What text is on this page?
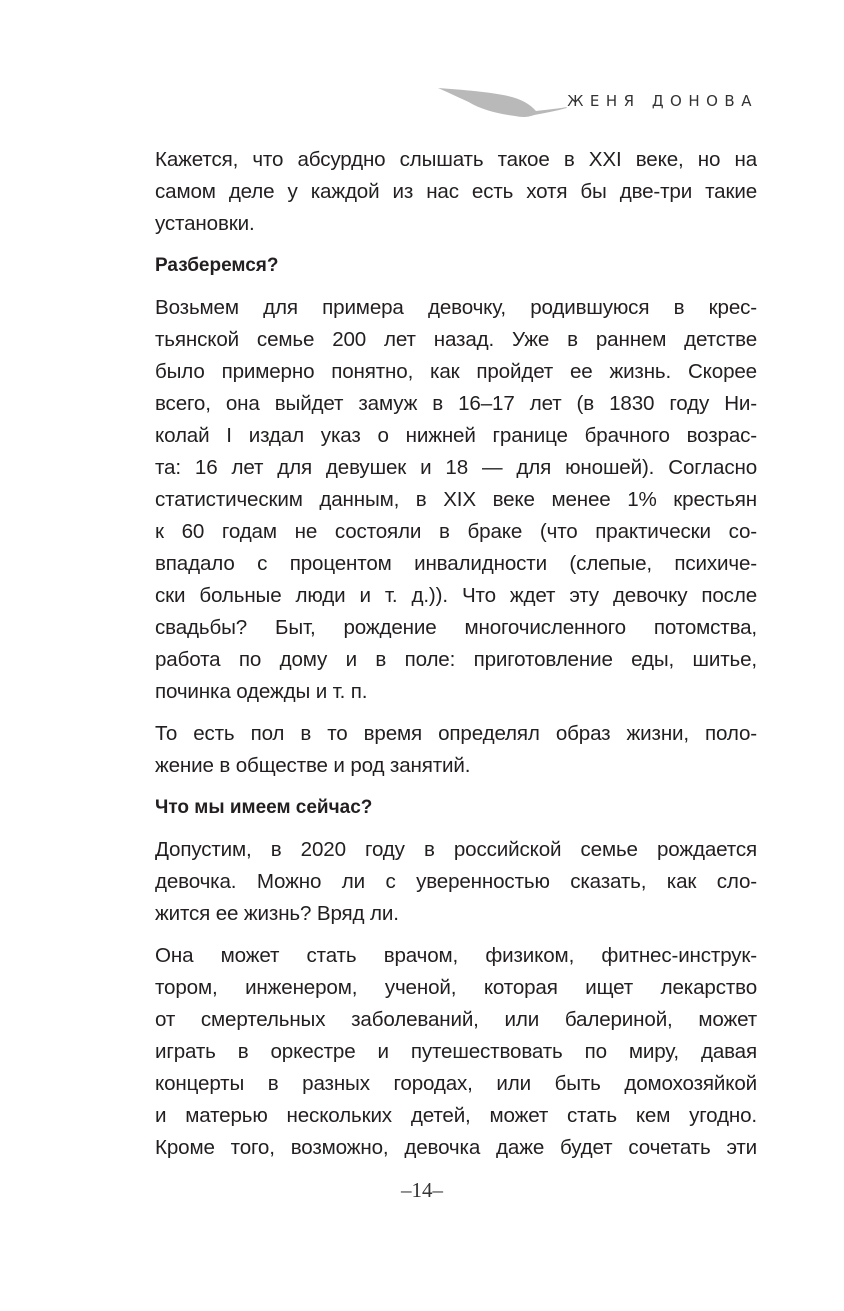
ЖЕНЯ ДОНОВА
Кажется, что абсурдно слышать такое в XXI веке, но на
самом деле у каждой из нас есть хотя бы две-три такие
установки.
Разберемся?
Возьмем для примера девочку, родившуюся в крес-
тьянской семье 200 лет назад. Уже в раннем детстве
было примерно понятно, как пройдет ее жизнь. Скорее
всего, она выйдет замуж в 16–17 лет (в 1830 году Ни-
колай I издал указ о нижней границе брачного возрас-
та: 16 лет для девушек и 18 — для юношей). Согласно
статистическим данным, в XIX веке менее 1% крестьян
к 60 годам не состояли в браке (что практически со-
впадало с процентом инвалидности (слепые, психиче-
ски больные люди и т. д.)). Что ждет эту девочку после
свадьбы? Быт, рождение многочисленного потомства,
работа по дому и в поле: приготовление еды, шитье,
починка одежды и т. п.
То есть пол в то время определял образ жизни, поло-
жение в обществе и род занятий.
Что мы имеем сейчас?
Допустим, в 2020 году в российской семье рождается
девочка. Можно ли с уверенностью сказать, как сло-
жится ее жизнь? Вряд ли.
Она может стать врачом, физиком, фитнес-инструк-
тором, инженером, ученой, которая ищет лекарство
от смертельных заболеваний, или балериной, может
играть в оркестре и путешествовать по миру, давая
концерты в разных городах, или быть домохозяйкой
и матерью нескольких детей, может стать кем угодно.
Кроме того, возможно, девочка даже будет сочетать эти
–14–
